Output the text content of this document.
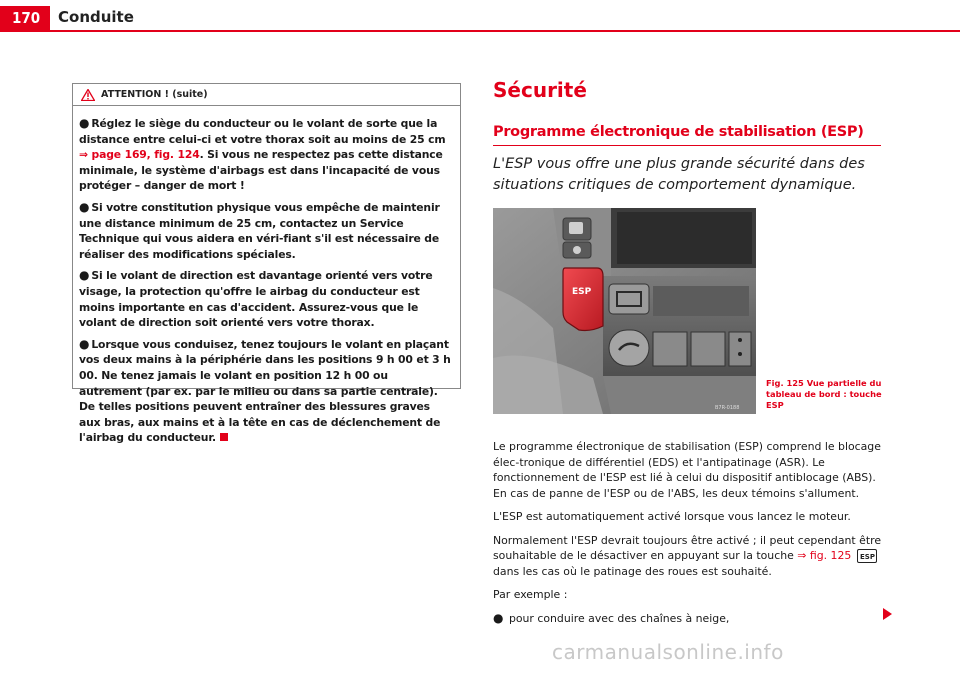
170	Conduite
ATTENTION ! (suite)

● Réglez le siège du conducteur ou le volant de sorte que la distance entre celui-ci et votre thorax soit au moins de 25 cm ⇒ page 169, fig. 124. Si vous ne respectez pas cette distance minimale, le système d'airbags est dans l'incapacité de vous protéger – danger de mort !

● Si votre constitution physique vous empêche de maintenir une distance minimum de 25 cm, contactez un Service Technique qui vous aidera en véri-fiant s'il est nécessaire de réaliser des modifications spéciales.

● Si le volant de direction est davantage orienté vers votre visage, la protection qu'offre le airbag du conducteur est moins importante en cas d'accident. Assurez-vous que le volant de direction soit orienté vers votre thorax.

● Lorsque vous conduisez, tenez toujours le volant en plaçant vos deux mains à la périphérie dans les positions 9 h 00 et 3 h 00. Ne tenez jamais le volant en position 12 h 00 ou autrement (par ex. par le milieu ou dans sa partie centrale). De telles positions peuvent entraîner des blessures graves aux bras, aux mains et à la tête en cas de déclenchement de l'airbag du conducteur.

Sécurité
Programme électronique de stabilisation (ESP)
L'ESP vous offre une plus grande sécurité dans des situations critiques de comportement dynamique.
ESP
B7R-0188
Fig. 125 Vue partielle du tableau de bord : touche ESP

Le programme électronique de stabilisation (ESP) comprend le blocage élec-tronique de différentiel (EDS) et l'antipatinage (ASR). Le fonctionnement de l'ESP est lié à celui du dispositif antiblocage (ABS). En cas de panne de l'ESP ou de l'ABS, les deux témoins s'allument.

L'ESP est automatiquement activé lorsque vous lancez le moteur.

Normalement l'ESP devrait toujours être activé ; il peut cependant être souhaitable de le désactiver en appuyant sur la touche ⇒ fig. 125 ESP
dans les cas où le patinage des roues est souhaité.

Par exemple :

● pour conduire avec des chaînes à neige,

carmanualsonline.info
